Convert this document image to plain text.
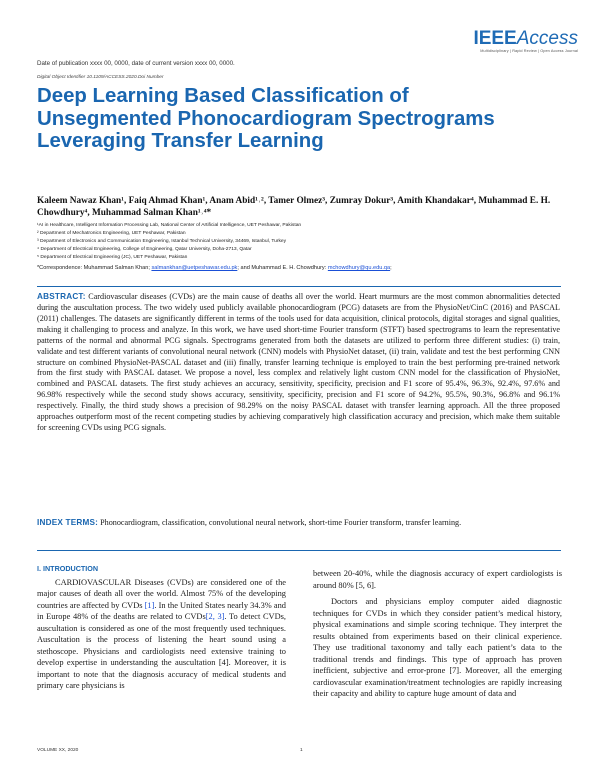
IEEEAccess
Multidisciplinary | Rapid Review | Open Access Journal
Date of publication xxxx 00, 0000, date of current version xxxx 00, 0000.
Digital Object Identifier 10.1109/ACCESS.2020.Doi Number
Deep Learning Based Classification of Unsegmented Phonocardiogram Spectrograms Leveraging Transfer Learning
Kaleem Nawaz Khan¹, Faiq Ahmad Khan¹, Anam Abid¹˒², Tamer Olmez³, Zumray Dokur³, Amith Khandakar⁴, Muhammad E. H. Chowdhury⁴, Muhammad Salman Khan¹˒⁴*
¹AI in Healthcare, Intelligent Information Processing Lab, National Center of Artificial Intelligence, UET Peshawar, Pakistan
² Department of Mechatronics Engineering, UET Peshawar, Pakistan
³ Department of Electronics and Communication Engineering, Istanbul Technical University, 34469, Istanbul, Turkey
⁴ Department of Electrical Engineering, College of Engineering, Qatar University, Doha-2713, Qatar
⁵ Department of Electrical Engineering (JC), UET Peshawar, Pakistan
*Correspondence: Muhammad Salman Khan; salmankhan@uetpeshawar.edu.pk; and Muhammad E. H. Chowdhury: mchowdhury@qu.edu.qa;
ABSTRACT: Cardiovascular diseases (CVDs) are the main cause of deaths all over the world. Heart murmurs are the most common abnormalities detected during the auscultation process. The two widely used publicly available phonocardiogram (PCG) datasets are from the PhysioNet/CinC (2016) and PASCAL (2011) challenges. The datasets are significantly different in terms of the tools used for data acquisition, clinical protocols, digital storages and signal qualities, making it challenging to process and analyze. In this work, we have used short-time Fourier transform (STFT) based spectrograms to learn the representative patterns of the normal and abnormal PCG signals. Spectrograms generated from both the datasets are utilized to perform three different studies: (i) train, validate and test different variants of convolutional neural network (CNN) models with PhysioNet dataset, (ii) train, validate and test the best performing CNN structure on combined PhysioNet-PASCAL dataset and (iii) finally, transfer learning technique is employed to train the best performing pre-trained network from the first study with PASCAL dataset. We propose a novel, less complex and relatively light custom CNN model for the classification of PhysioNet, combined and PASCAL datasets. The first study achieves an accuracy, sensitivity, specificity, precision and F1 score of 95.4%, 96.3%, 92.4%, 97.6% and 96.98% respectively while the second study shows accuracy, sensitivity, specificity, precision and F1 score of 94.2%, 95.5%, 90.3%, 96.8% and 96.1% respectively. Finally, the third study shows a precision of 98.29% on the noisy PASCAL dataset with transfer learning approach. All the three proposed approaches outperform most of the recent competing studies by achieving comparatively high classification accuracy and precision, which make them suitable for screening CVDs using PCG signals.
INDEX TERMS: Phonocardiogram, classification, convolutional neural network, short-time Fourier transform, transfer learning.
I. INTRODUCTION

CARDIOVASCULAR Diseases (CVDs) are considered one of the major causes of death all over the world. Almost 75% of the developing countries are affected by CVDs [1]. In the United States nearly 34.3% and in Europe 48% of the deaths are related to CVDs[2, 3]. To detect CVDs, auscultation is considered as one of the most frequently used techniques. Auscultation is the process of listening the heart sound using a stethoscope. Physicians and cardiologists need extensive training to develop expertise in understanding the auscultation [4]. Moreover, it is important to note that the diagnosis accuracy of medical students and primary care physicians is

between 20-40%, while the diagnosis accuracy of expert cardiologists is around 80% [5, 6].

Doctors and physicians employ computer aided diagnostic techniques for CVDs in which they consider patient’s medical history, physical examinations and simple scoring technique. They interpret the results obtained from experiments based on their clinical experience. They use traditional taxonomy and tally each patient’s data to the traditional trends and findings. This type of approach has proven inefficient, subjective and error-prone [7]. Moreover, all the emerging cardiovascular examination/treatment technologies are rapidly increasing their capacity and ability to capture huge amount of data and

VOLUME XX, 2020	1
